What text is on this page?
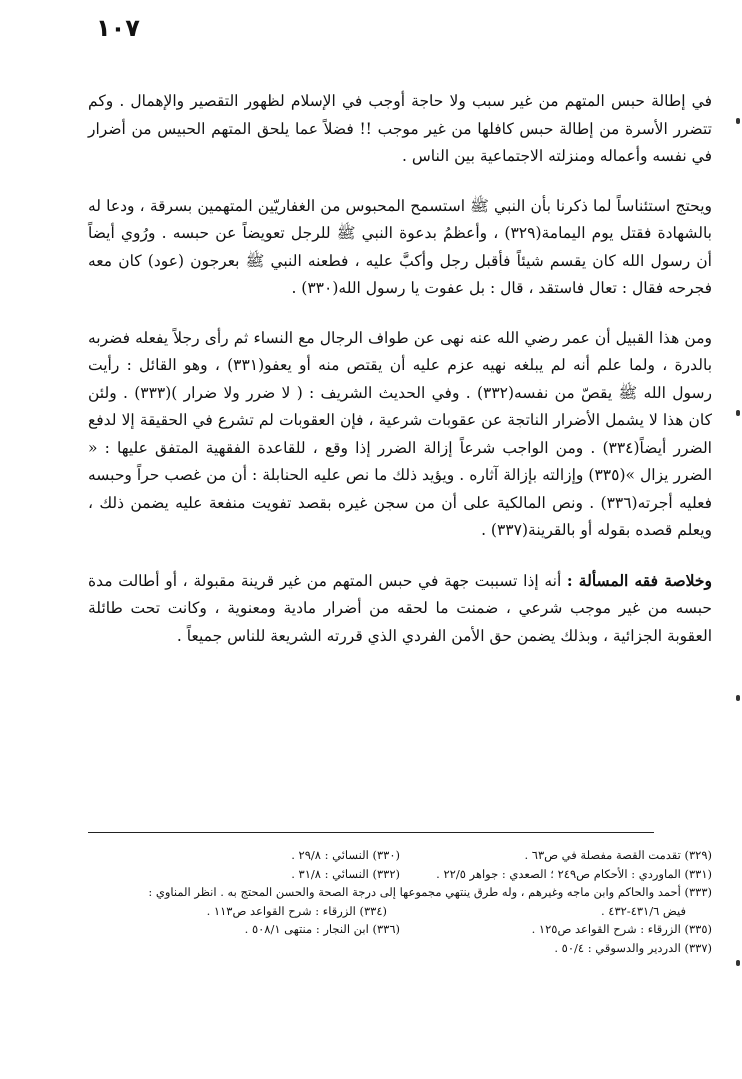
١٠٧

في إطالة حبس المتهم من غير سبب ولا حاجة أوجب في الإسلام لظهور التقصير والإهمال . وكم تتضرر الأسرة من إطالة حبس كافلها من غير موجب !! فضلاً عما يلحق المتهم الحبيس من أضرار في نفسه وأعماله ومنزلته الاجتماعية بين الناس .

ويحتج استئناساً لما ذكرنا بأن النبي ﷺ استسمح المحبوس من الغفاريّين المتهمين بسرقة ، ودعا له بالشهادة فقتل يوم اليمامة(٣٢٩) ، وأعظمُ بدعوة النبي ﷺ للرجل تعويضاً عن حبسه . ورُوي أيضاً أن رسول الله كان يقسم شيئاً فأقبل رجل وأكبَّ عليه ، فطعنه النبي ﷺ بعرجون (عود) كان معه فجرحه فقال : تعال فاستقد ، قال : بل عفوت يا رسول الله(٣٣٠) .

ومن هذا القبيل أن عمر رضي الله عنه نهى عن طواف الرجال مع النساء ثم رأى رجلاً يفعله فضربه بالدرة ، ولما علم أنه لم يبلغه نهيه عزم عليه أن يقتص منه أو يعفو(٣٣١) ، وهو القائل : رأيت رسول الله ﷺ يقصّ من نفسه(٣٣٢) . وفي الحديث الشريف : ( لا ضرر ولا ضرار )(٣٣٣) . ولئن كان هذا لا يشمل الأضرار الناتجة عن عقوبات شرعية ، فإن العقوبات لم تشرع في الحقيقة إلا لدفع الضرر أيضاً(٣٣٤) . ومن الواجب شرعاً إزالة الضرر إذا وقع ، للقاعدة الفقهية المتفق عليها : « الضرر يزال »(٣٣٥) وإزالته بإزالة آثاره . ويؤيد ذلك ما نص عليه الحنابلة : أن من غصب حراً وحبسه فعليه أجرته(٣٣٦) . ونص المالكية على أن من سجن غيره بقصد تفويت منفعة عليه يضمن ذلك ، ويعلم قصده بقوله أو بالقرينة(٣٣٧) .

وخلاصة فقه المسألة : أنه إذا تسببت جهة في حبس المتهم من غير قرينة مقبولة ، أو أطالت مدة حبسه من غير موجب شرعي ، ضمنت ما لحقه من أضرار مادية ومعنوية ، وكانت تحت طائلة العقوبة الجزائية ، وبذلك يضمن حق الأمن الفردي الذي قررته الشريعة للناس جميعاً .

(٣٢٩) تقدمت القصة مفصلة في ص٦٣ .
(٣٣٠) النسائي : ٢٩/٨ .
(٣٣١) الماوردي : الأحكام ص٢٤٩ ؛ الصعدي : جواهر ٢٢/٥ .
(٣٣٢) النسائي : ٣١/٨ .
(٣٣٣) أحمد والحاكم وابن ماجه وغيرهم ، وله طرق ينتهي مجموعها إلى درجة الصحة والحسن المحتج به . انظر المناوي :
فيض ٤٣١/٦-٤٣٢ .
(٣٣٤) الزرقاء : شرح القواعد ص١١٣ .
(٣٣٥) الزرقاء : شرح القواعد ص١٢٥ .
(٣٣٦) ابن النجار : منتهى ٥٠٨/١ .
(٣٣٧) الدردير والدسوقي : ٥٠/٤ .
